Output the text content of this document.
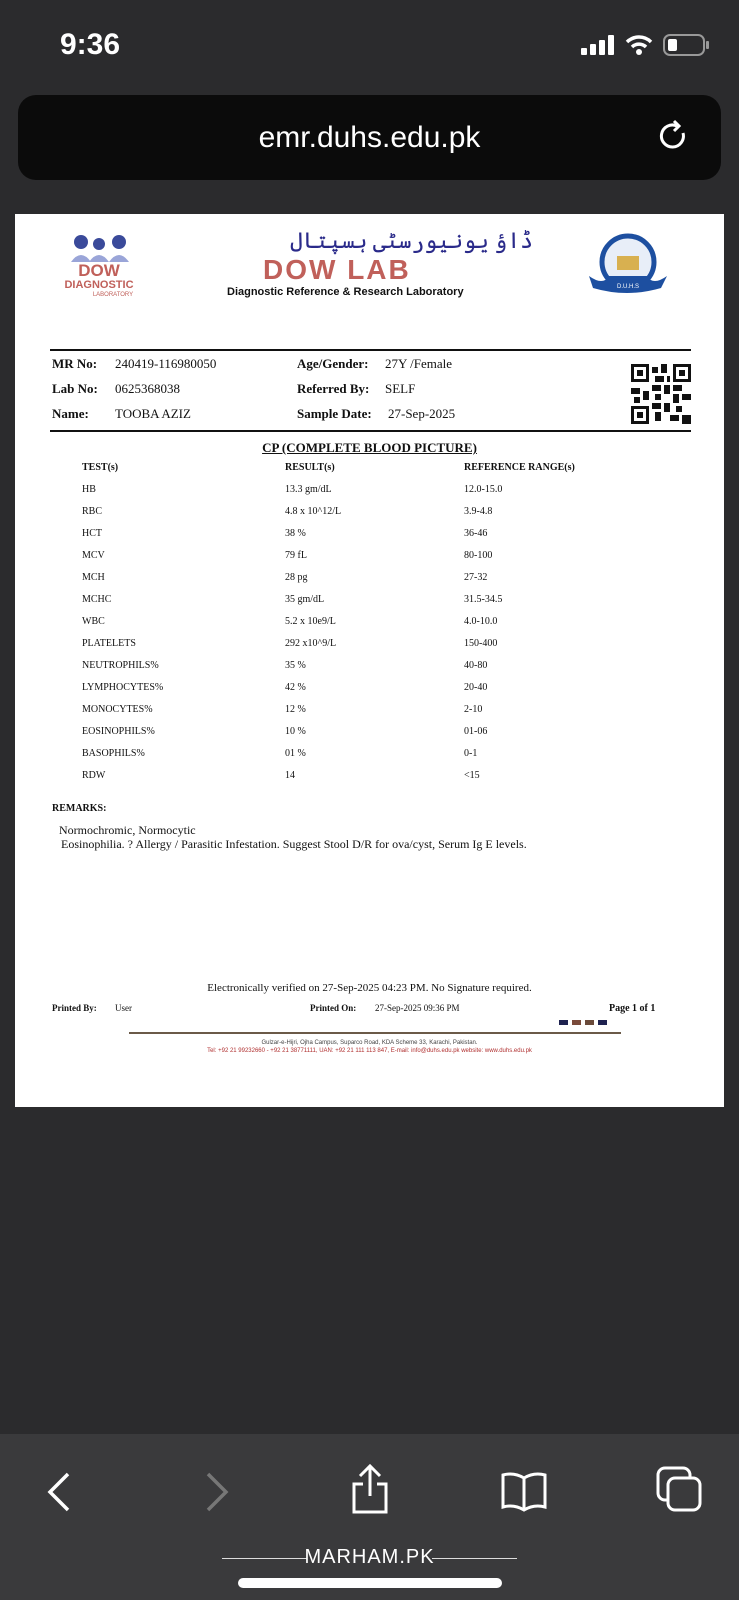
9:36
emr.duhs.edu.pk
DOW
DIAGNOSTIC
LABORATORY
ڈاؤ یونیورسٹی ہسپتال
DOW LAB
Diagnostic Reference & Research Laboratory	D.U.H.S
MR No: 240419-116980050
Lab No: 0625368038
Name: TOOBA AZIZ
Age/Gender: 27Y /Female
Referred By: SELF
Sample Date: 27-Sep-2025
CP (COMPLETE BLOOD PICTURE)
TEST(s)	RESULT(s)	REFERENCE RANGE(s)
HB	13.3 gm/dL	12.0-15.0
RBC	4.8 x 10^12/L	3.9-4.8
HCT	38 %	36-46
MCV	79 fL	80-100
MCH	28 pg	27-32
MCHC	35 gm/dL	31.5-34.5
WBC	5.2 x 10e9/L	4.0-10.0
PLATELETS	292 x10^9/L	150-400
NEUTROPHILS%	35 %	40-80
LYMPHOCYTES%	42 %	20-40
MONOCYTES%	12 %	2-10
EOSINOPHILS%	10 %	01-06
BASOPHILS%	01 %	0-1
RDW	14	<15
REMARKS:
Normochromic, Normocytic
Eosinophilia. ? Allergy / Parasitic Infestation. Suggest Stool D/R for ova/cyst, Serum Ig E levels.
Electronically verified on 27-Sep-2025 04:23 PM. No Signature required.
Printed By: User	Printed On: 27-Sep-2025 09:36 PM	Page 1 of 1
Gulzar-e-Hijri, Ojha Campus, Suparco Road, KDA Scheme 33, Karachi, Pakistan.
Tel: +92 21 99232660 - +92 21 38771111, UAN: +92 21 111 113 847, E-mail: info@duhs.edu.pk website: www.duhs.edu.pk
MARHAM.PK
